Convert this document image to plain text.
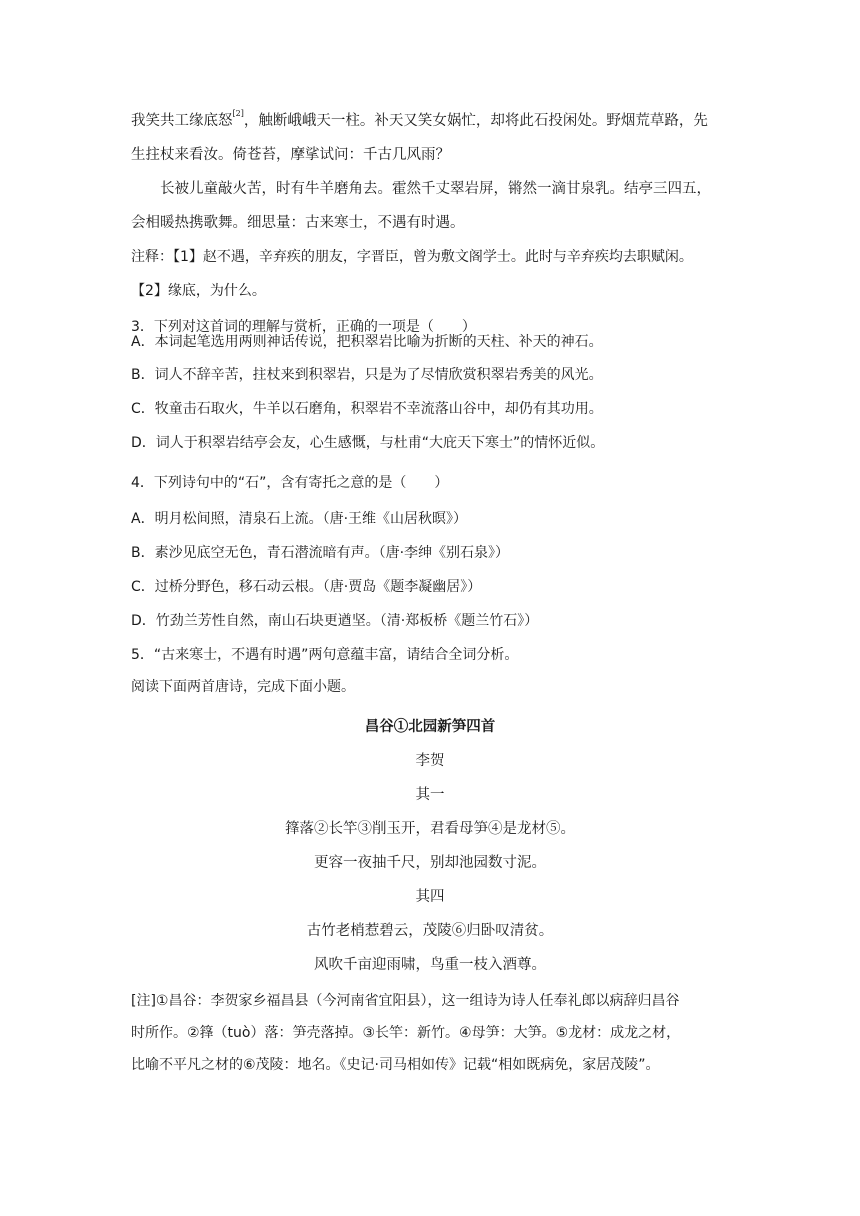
我笑共工缘底怒[2]，触断峨峨天一柱。补天又笑女娲忙，却将此石投闲处。野烟荒草路，先
生拄杖来看汝。倚苍苔，摩挲试问：千古几风雨？
长被儿童敲火苦，时有牛羊磨角去。霍然千丈翠岩屏，锵然一滴甘泉乳。结亭三四五，
会相暖热携歌舞。细思量：古来寒士，不遇有时遇。
注释：【1】赵不遇，辛弃疾的朋友，字晋臣，曾为敷文阁学士。此时与辛弃疾均去职赋闲。
【2】缘底，为什么。
3．下列对这首词的理解与赏析，正确的一项是（　　）
A．本词起笔选用两则神话传说，把积翠岩比喻为折断的天柱、补天的神石。
B．词人不辞辛苦，拄杖来到积翠岩，只是为了尽情欣赏积翠岩秀美的风光。
C．牧童击石取火，牛羊以石磨角，积翠岩不幸流落山谷中，却仍有其功用。
D．词人于积翠岩结亭会友，心生感慨，与杜甫“大庇天下寒士”的情怀近似。
4．下列诗句中的“石”，含有寄托之意的是（　　）
A．明月松间照，清泉石上流。（唐·王维《山居秋暝》）
B．素沙见底空无色，青石潜流暗有声。（唐·李绅《别石泉》）
C．过桥分野色，移石动云根。（唐·贾岛《题李凝幽居》）
D．竹劲兰芳性自然，南山石块更遒坚。（清·郑板桥《题兰竹石》）
5．“古来寒士，不遇有时遇”两句意蕴丰富，请结合全词分析。
阅读下面两首唐诗，完成下面小题。
昌谷①北园新笋四首
李贺
其一
箨落②长竿③削玉开，君看母笋④是龙材⑤。
更容一夜抽千尺，别却池园数寸泥。
其四
古竹老梢惹碧云，茂陵⑥归卧叹清贫。
风吹千亩迎雨啸，鸟重一枝入酒尊。
[注]①昌谷：李贺家乡福昌县（今河南省宜阳县），这一组诗为诗人任奉礼郎以病辞归昌谷
时所作。②箨（tuò）落：笋壳落掉。③长竿：新竹。④母笋：大笋。⑤龙材：成龙之材，
比喻不平凡之材的⑥茂陵：地名。《史记·司马相如传》记载“相如既病免，家居茂陵”。
